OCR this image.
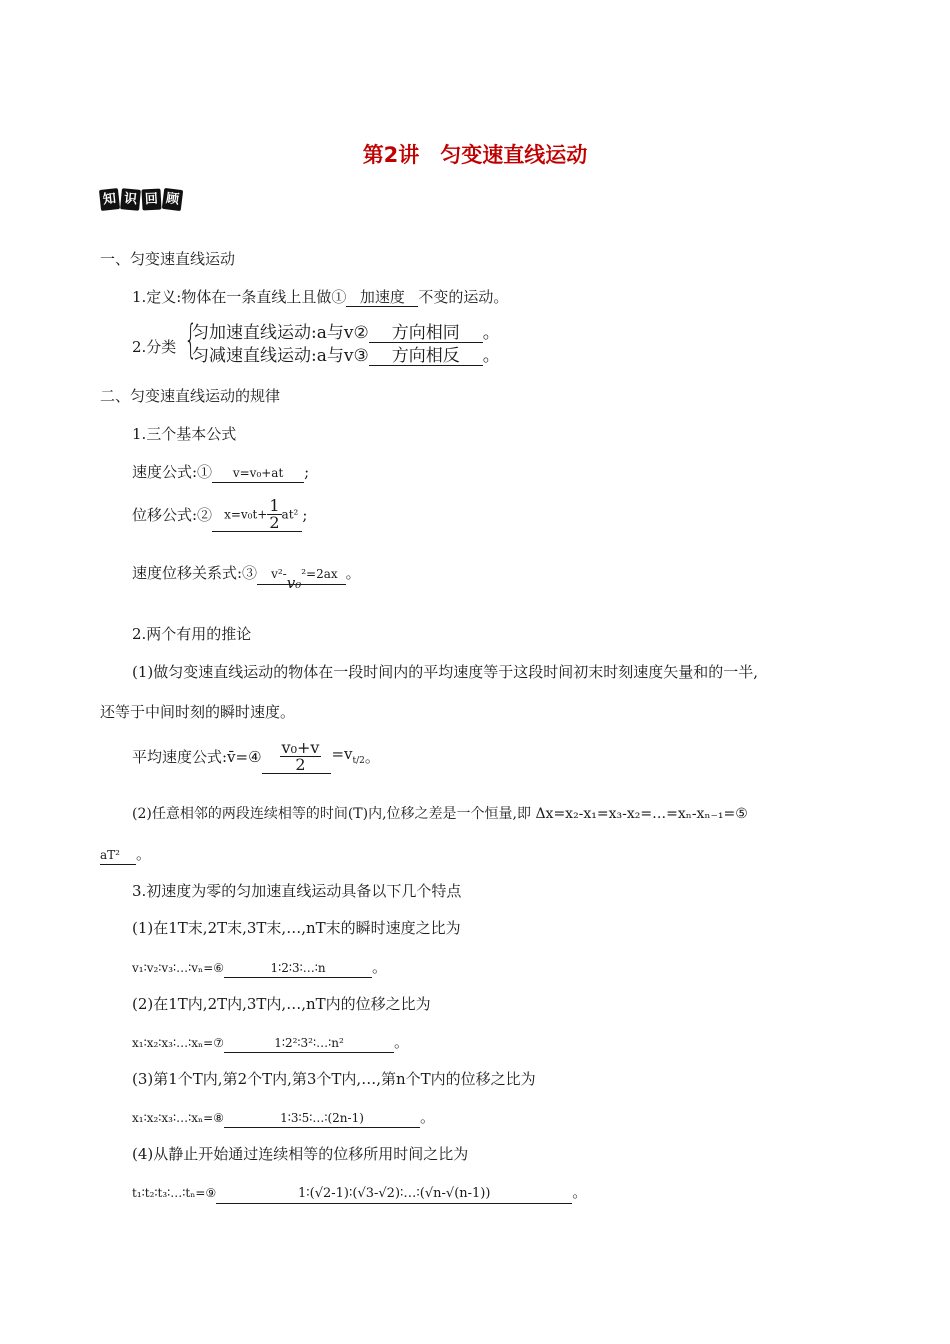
第2讲　匀变速直线运动
知 识 回 顾
一、匀变速直线运动
1.定义:物体在一条直线上且做① 加速度 不变的运动。
2.分类 {
匀加速直线运动:a与v② 方向相同 。
匀减速直线运动:a与v③ 方向相反 。
二、匀变速直线运动的规律
1.三个基本公式
速度公式:① v=v₀+at ;
位移公式:② $x=v_0t+ \frac{1}{2} at^2$ ;
速度位移关系式:③ v²-v₀²=2ax 。
2.两个有用的推论
(1)做匀变速直线运动的物体在一段时间内的平均速度等于这段时间初末时刻速度矢量和的一半,
还等于中间时刻的瞬时速度。
平均速度公式:v̄=④ $\frac{\text{v₀+v}}{2} =v_{t/2}$。
(2)任意相邻的两段连续相等的时间(T)内,位移之差是一个恒量,即 Δx=x₂-x₁=x₃-x₂=…=xₙ-xₙ₋₁=⑤
aT² 。
3.初速度为零的匀加速直线运动具备以下几个特点
(1)在1T末,2T末,3T末,…,nT末的瞬时速度之比为
v₁∶v₂∶v₃∶…∶vₙ=⑥	1∶2∶3∶…∶n	。
(2)在1T内,2T内,3T内,…,nT内的位移之比为
x₁∶x₂∶x₃∶…∶xₙ=⑦	1∶2²∶3²∶…∶n²	。
(3)第1个T内,第2个T内,第3个T内,…,第n个T内的位移之比为
x₁∶x₂∶x₃∶…∶xₙ=⑧	1∶3∶5∶…∶(2n-1)	。
(4)从静止开始通过连续相等的位移所用时间之比为
t₁∶t₂∶t₃∶…∶tₙ=⑨	1∶(√2-1)∶(√3-√2)∶…∶(√n-√(n-1))	。
